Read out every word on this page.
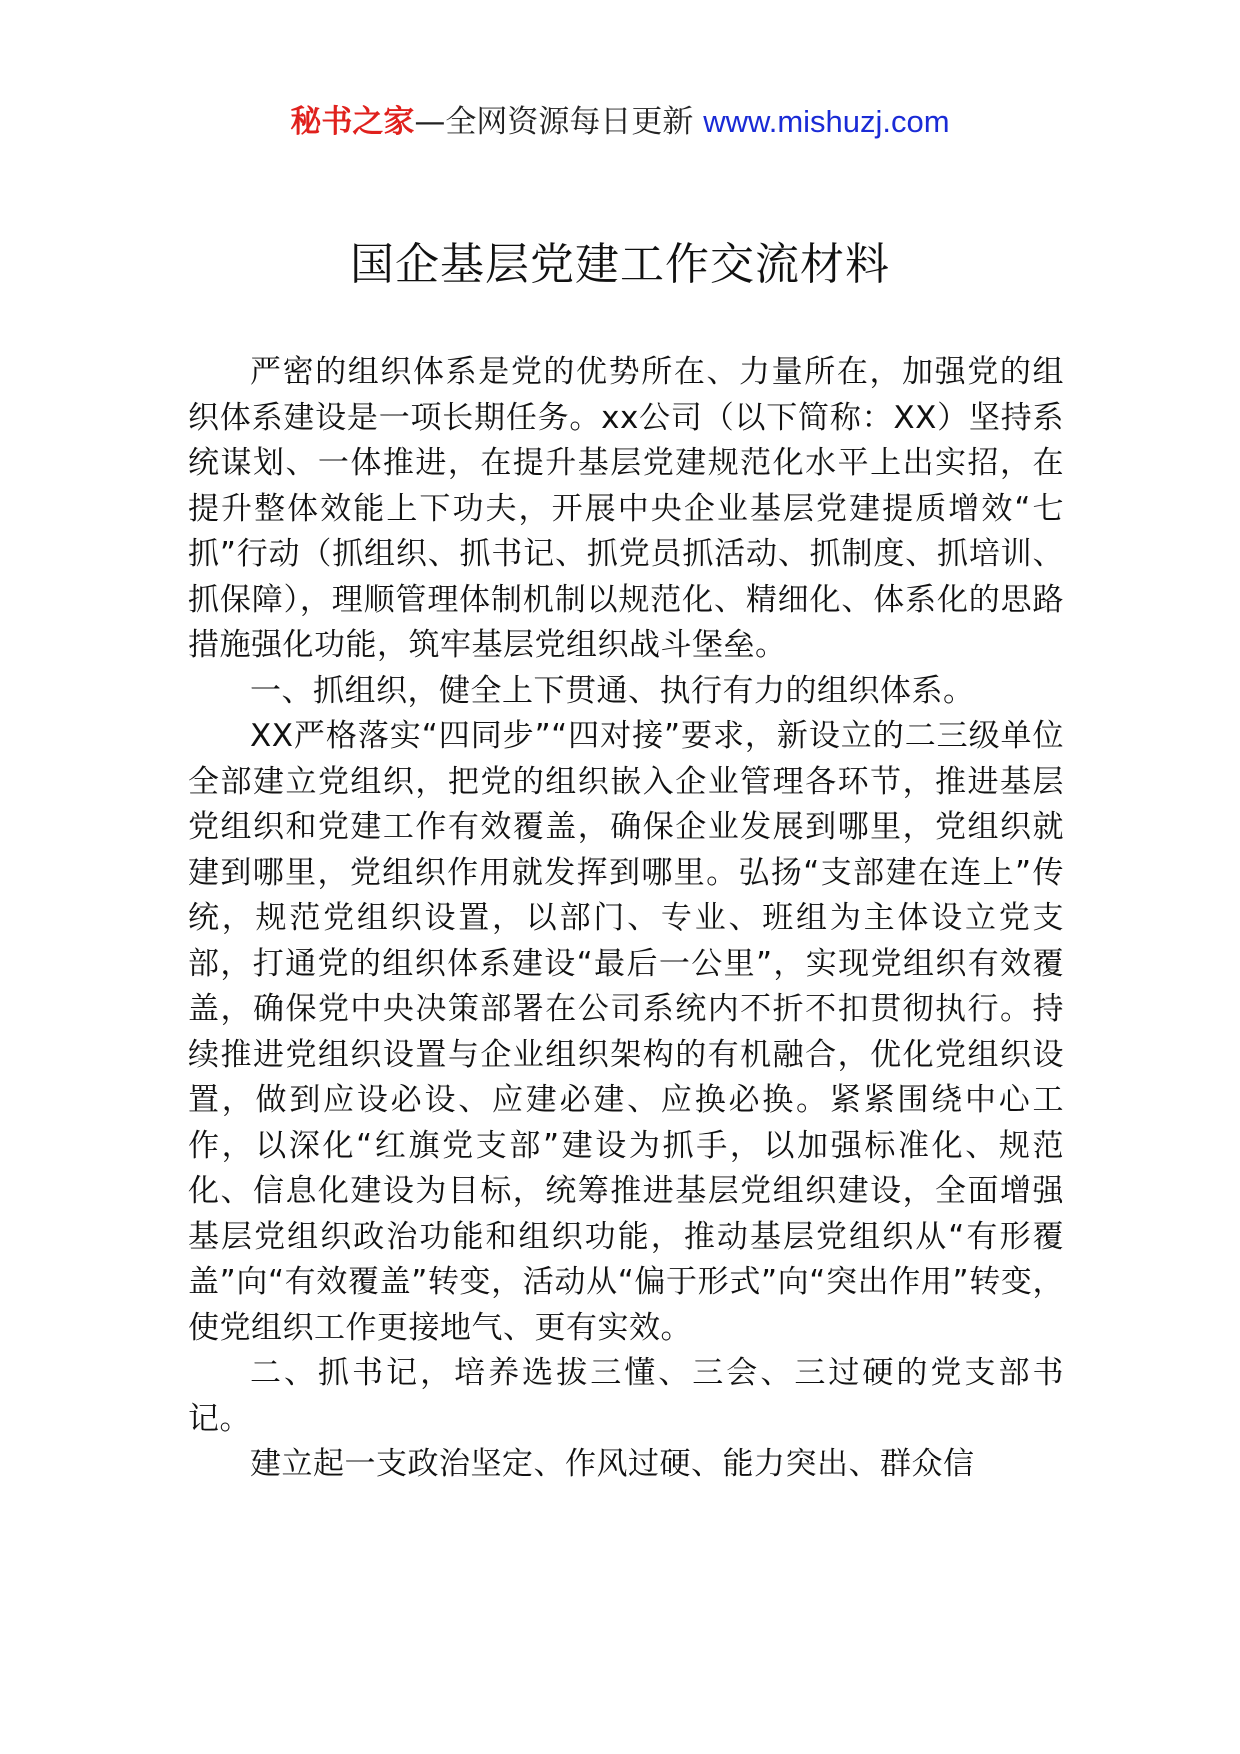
秘书之家—全网资源每日更新 www.mishuzj.com
国企基层党建工作交流材料

严密的组织体系是党的优势所在、力量所在，加强党的组织体系建设是一项长期任务。xx公司（以下简称：XX）坚持系统谋划、一体推进，在提升基层党建规范化水平上出实招，在提升整体效能上下功夫，开展中央企业基层党建提质增效“七抓”行动（抓组织、抓书记、抓党员抓活动、抓制度、抓培训、抓保障），理顺管理体制机制以规范化、精细化、体系化的思路措施强化功能，筑牢基层党组织战斗堡垒。

一、抓组织，健全上下贯通、执行有力的组织体系。

XX严格落实“四同步”“四对接”要求，新设立的二三级单位全部建立党组织，把党的组织嵌入企业管理各环节，推进基层党组织和党建工作有效覆盖，确保企业发展到哪里，党组织就建到哪里，党组织作用就发挥到哪里。弘扬“支部建在连上”传统，规范党组织设置，以部门、专业、班组为主体设立党支部，打通党的组织体系建设“最后一公里”，实现党组织有效覆盖，确保党中央决策部署在公司系统内不折不扣贯彻执行。持续推进党组织设置与企业组织架构的有机融合，优化党组织设置，做到应设必设、应建必建、应换必换。紧紧围绕中心工作，以深化“红旗党支部”建设为抓手，以加强标准化、规范化、信息化建设为目标，统筹推进基层党组织建设，全面增强基层党组织政治功能和组织功能，推动基层党组织从“有形覆盖”向“有效覆盖”转变，活动从“偏于形式”向“突出作用”转变，使党组织工作更接地气、更有实效。

二、抓书记，培养选拔三懂、三会、三过硬的党支部书记。

建立起一支政治坚定、作风过硬、能力突出、群众信
